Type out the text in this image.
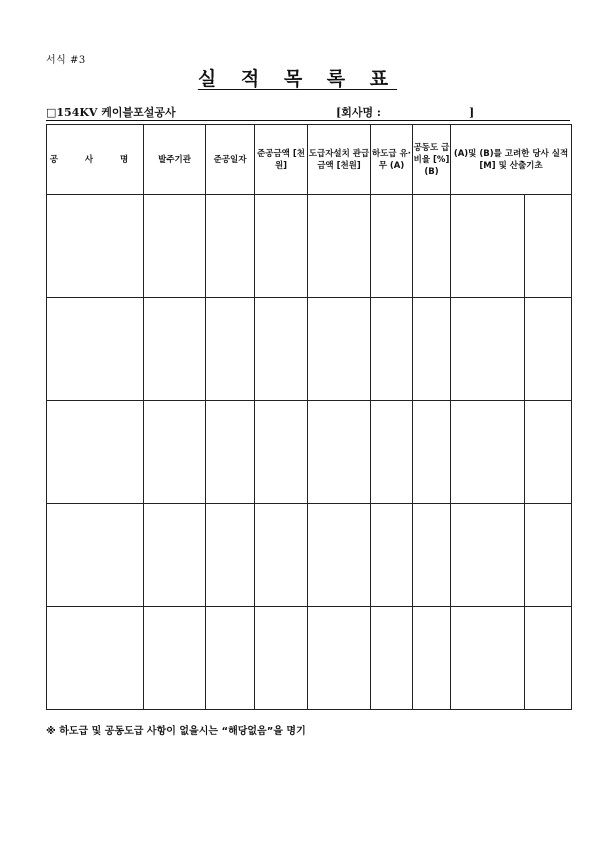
서식 #3
실 적 목 록 표
□154KV 케이블포설공사	[회사명 :	]
공 사 명	발주기관	준공일자	준공금액 [천원]	도급자설치 관급금액 [천원]	하도급 유·무 (A)	공동도 급비율 [%] (B)	(A)및 (B)를 고려한 당사 실적[M] 및 산출기초	

※ 하도급 및 공동도급 사항이 없을시는 “해당없음”을 명기
